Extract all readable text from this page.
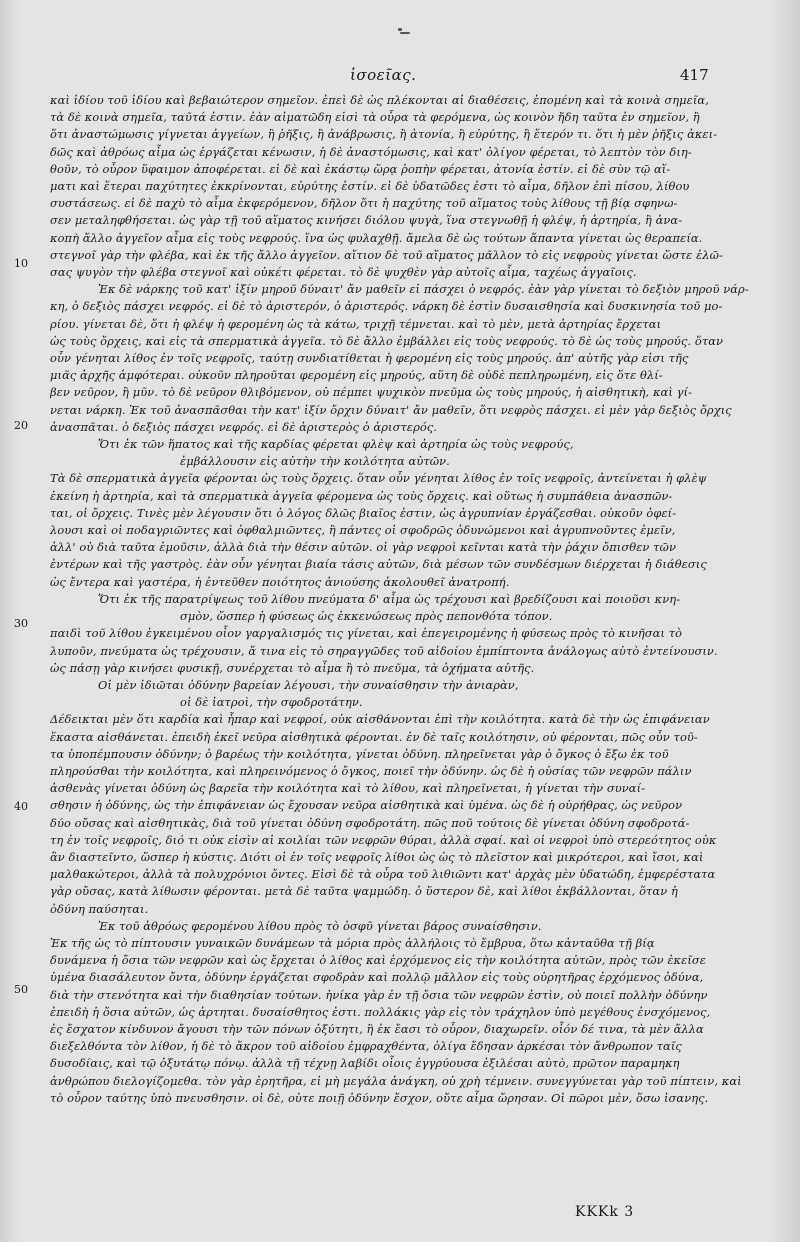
ἰσοεῖας.	417
10
20
30
40
50
καὶ ἰδίου τοῦ ἰδίου καὶ βεβαιώτερον σημεῖον. ἐπεὶ δὲ ὡς πλέκονται αἱ διαθέσεις, ἑπομένη καὶ τὰ κοινὰ σημεῖα,
τὰ δὲ κοινὰ σημεῖα, ταῦτά ἐστιν. ἐὰν αἱματῶδη εἰσὶ τὰ οὖρα τὰ φερόμενα, ὡς κοινὸν ἤδη ταῦτα ἐν σημεῖον, ἢ
ὅτι ἀναστώμωσις γίγνεται ἀγγείων, ἢ ῥῆξις, ἢ ἀνάβρωσις, ἢ ἀτονία, ἢ εὐρύτης, ἢ ἕτερόν τι. ὅτι ἡ μὲν ῥῆξις ἀκει-
δῶς καὶ ἀθρόως αἷμα ὡς ἐργάζεται κένωσιν, ἡ δὲ ἀναστόμωσις, καὶ κατ' ὀλίγον φέρεται, τὸ λεπτὸν τὸν διη-
θοῦν, τὸ οὖρον ὕφαιμον ἀποφέρεται. εἰ δὲ καὶ ἐκάστῳ ὥρᾳ ῥοπὴν φέρεται, ἀτονία ἐστίν. εἰ δὲ σὺν τῷ αἵ-
ματι καὶ ἕτεραι παχύτητες ἐκκρίνονται, εὐρύτης ἐστίν. εἰ δὲ ὑδατῶδες ἐστι τὸ αἷμα, δῆλον ἐπὶ πίσου, λίθου
συστάσεως. εἰ δὲ παχὺ τὸ αἷμα ἐκφερόμενον, δῆλον ὅτι ἡ παχύτης τοῦ αἵματος τοὺς λίθους τῇ βίᾳ σφηνω-
σεν μεταληφθήσεται. ὡς γὰρ τῇ τοῦ αἵματος κινήσει διόλου ψυγὰ, ἵνα στεγνωθῇ ἡ φλέψ, ἡ ἀρτηρία, ἢ ἀνα-
κοπὴ ἄλλο ἀγγεῖον αἷμα εἰς τοὺς νεφρούς. ἵνα ὡς φυλαχθῇ. ἄμελα δὲ ὡς τούτων ἅπαντα γίνεται ὡς θεραπεία.
στεγνοῖ γὰρ τὴν φλέβα, καὶ ἐκ τῆς ἄλλο ἀγγεῖον. αἴτιον δὲ τοῦ αἵματος μᾶλλον τὸ εἰς νεφροὺς γίνεται ὥστε ἐλῶ-
σας ψυγὸν τὴν φλέβα στεγνοῖ καὶ οὐκέτι φέρεται. τὸ δὲ ψυχθὲν γὰρ αὐτοῖς αἷμα, ταχέως ἀγγαῖοις.
Ἐκ δὲ νάρκης τοῦ κατ' ἰξίν μηροῦ δύναιτ' ἄν μαθεῖν εἰ πάσχει ὁ νεφρός. ἐὰν γὰρ γίνεται τὸ δεξιὸν μηροῦ νάρ-
κη, ὁ δεξιὸς πάσχει νεφρός. εἰ δὲ τὸ ἀριστερόν, ὁ ἀριστερός. νάρκη δὲ ἐστὶν δυσαισθησία καὶ δυσκινησία τοῦ μο-
ρίου. γίνεται δὲ, ὅτι ἡ φλέψ ἡ φερομένη ὡς τὰ κάτω, τριχῇ τέμνεται. καὶ τὸ μὲν, μετὰ ἀρτηρίας ἔρχεται
ὡς τοὺς ὄρχεις, καὶ εἰς τὰ σπερματικὰ ἀγγεῖα. τὸ δὲ ἄλλο ἐμβάλλει εἰς τοὺς νεφρούς. τὸ δὲ ὡς τοὺς μηρούς. ὅταν
οὖν γένηται λίθος ἐν τοῖς νεφροῖς, ταύτῃ συνδιατίθεται ἡ φερομένη εἰς τοὺς μηρούς. ἀπ' αὐτῆς γὰρ εἰσι τῆς
μιᾶς ἀρχῆς ἀμφότεραι. οὐκοῦν πληροῦται φερομένη εἰς μηρούς, αὕτη δὲ οὐδὲ πεπληρωμένη, εἰς ὅτε θλί-
βεν νεῦρον, ἢ μῦν. τὸ δὲ νεῦρον θλιβόμενον, οὐ πέμπει ψυχικὸν πνεῦμα ὡς τοὺς μηρούς, ἡ αἰσθητικὴ, καὶ γί-
νεται νάρκη. Ἐκ τοῦ ἀνασπᾶσθαι τὴν κατ' ἰξίν ὄρχιν δύναιτ' ἄν μαθεῖν, ὅτι νεφρὸς πάσχει. εἰ μὲν γὰρ δεξιὸς ὄρχις
ἀνασπᾶται. ὁ δεξιὸς πάσχει νεφρός. εἰ δὲ ἀριστερὸς ὁ ἀριστερός.
Ὅτι ἐκ τῶν ἥπατος καὶ τῆς καρδίας φέρεται φλὲψ καὶ ἀρτηρία ὡς τοὺς νεφρούς,
ἐμβάλλουσιν εἰς αὐτὴν τὴν κοιλότητα αὐτῶν.
Τὰ δὲ σπερματικὰ ἀγγεῖα φέρονται ὡς τοὺς ὄρχεις. ὅταν οὖν γένηται λίθος ἐν τοῖς νεφροῖς, ἀντείνεται ἡ φλὲψ
ἐκείνη ἡ ἀρτηρία, καὶ τὰ σπερματικὰ ἀγγεῖα φέρομενα ὡς τοὺς ὄρχεις. καὶ οὕτως ἡ συμπάθεια ἀνασπῶν-
ται, οἱ ὄρχεις. Τινὲς μὲν λέγουσιν ὅτι ὁ λόγος δλῶς βιαῖος ἐστιν, ὡς ἀγρυπνίαν ἐργάζεσθαι. οὐκοῦν ὀφεί-
λουσι καὶ οἱ ποδαγριῶντες καὶ ὀφθαλμιῶντες, ἢ πάντες οἱ σφοδρῶς ὀδυνώμενοι καὶ ἀγρυπνοῦντες ἐμεῖν,
ἀλλ' οὐ διὰ ταῦτα ἐμοῦσιν, ἀλλὰ διὰ τὴν θέσιν αὐτῶν. οἱ γὰρ νεφροὶ κεῖνται κατὰ τὴν ῥάχιν ὄπισθεν τῶν
ἐντέρων καὶ τῆς γαστρὸς. ἐὰν οὖν γένηται βιαία τάσις αὐτῶν, διὰ μέσων τῶν συνδέσμων διέρχεται ἡ διάθεσις
ὡς ἔντερα καὶ γαστέρα, ἡ ἐντεῦθεν ποιότητος ἀνιούσης ἀκολουθεῖ ἀνατροπή.
Ὅτι ἐκ τῆς παρατρίψεως τοῦ λίθου πνεύματα δ' αἷμα ὡς τρέχουσι καὶ βρεδίζουσι καὶ ποιοῦσι κνη-
σμὸν, ὥσπερ ἡ φύσεως ὡς ἐκκενώσεως πρὸς πεπονθότα τόπον.
παιδὶ τοῦ λίθου ἐγκειμένου οἷον γαργαλισμός τις γίνεται, καὶ ἐπεγειρομένης ἡ φύσεως πρὸς τὸ κινῆσαι τὸ
λυποῦν, πνεύματα ὡς τρέχουσιν, ἅ τινα εἰς τὸ σηραγγῶδες τοῦ αἰδοίου ἐμπίπτοντα ἀνάλογως αὐτὸ ἐντείνουσιν.
ὡς πάσῃ γὰρ κινήσει φυσικῇ, συνέρχεται τὸ αἷμα ἢ τὸ πνεῦμα, τὰ ὀχήματα αὐτῆς.
Οἱ μὲν ἰδιῶται ὀδύνην βαρείαν λέγουσι, τὴν συναίσθησιν τὴν ἀνιαρὰν,
οἱ δὲ ἰατροὶ, τὴν σφοδροτάτην.
Δέδεικται μὲν ὅτι καρδία καὶ ἧπαρ καὶ νεφροί, οὐκ αἰσθάνονται ἐπὶ τὴν κοιλότητα. κατὰ δὲ τὴν ὡς ἐπιφάνειαν
ἕκαστα αἰσθάνεται. ἐπειδὴ ἐκεῖ νεῦρα αἰσθητικὰ φέρονται. ἐν δὲ ταῖς κοιλότησιν, οὐ φέρονται, πῶς οὖν τοῦ-
τα ὑποπέμπουσιν ὀδύνην; ὁ βαρέως τὴν κοιλότητα, γίνεται ὀδύνη. πληρεῖνεται γὰρ ὁ ὄγκος ὁ ἔξω ἐκ τοῦ
πληρούσθαι τὴν κοιλότητα, καὶ πληρεινόμενος ὁ ὄγκος, ποιεῖ τὴν ὀδύνην. ὡς δὲ ἡ οὐσίας τῶν νεφρῶν πάλιν
ἀσθενὰς γίνεται ὀδύνη ὡς βαρεῖα τὴν κοιλότητα καὶ τὸ λίθου, καὶ πληρεῖνεται, ἡ γίνεται τὴν συναί-
σθησιν ἡ ὀδύνης, ὡς τὴν ἐπιφάνειαν ὡς ἔχουσαν νεῦρα αἰσθητικὰ καὶ ὑμένα. ὡς δὲ ἡ οὐρήθρας, ὡς νεῦρον
δύο οὔσας καὶ αἰσθητικὰς, διὰ τοῦ γίνεται ὀδύνη σφοδροτάτη. πῶς ποῦ τούτοις δὲ γίνεται ὀδύνη σφοδροτά-
τη ἐν τοῖς νεφροῖς, διό τι οὐκ εἰσὶν αἱ κοιλίαι τῶν νεφρῶν θύραι, ἀλλὰ σφαί. καὶ οἱ νεφροὶ ὑπὸ στερεότητος οὐκ
ἂν διαστεῖντο, ὥσπερ ἡ κύστις. Διότι οἱ ἐν τοῖς νεφροῖς λίθοι ὡς ὡς τὸ πλεῖστον καὶ μικρότεροι, καὶ ἴσοι, καὶ
μαλθακώτεροι, ἀλλὰ τὰ πολυχρόνιοι ὄντες. Εἰσὶ δὲ τὰ οὖρα τοῦ λιθιῶντι κατ' ἀρχὰς μὲν ὑδατώδη, ἐμφερέστατα
γὰρ οὔσας, κατὰ λίθωσιν φέρονται. μετὰ δὲ ταῦτα ψαμμώδη. ὁ ὕστερον δὲ, καὶ λίθοι ἐκβάλλονται, ὅταν ἡ
ὀδύνη παύσηται.
Ἐκ τοῦ ἀθρόως φερομένου λίθου πρὸς τὸ ὀσφῦ γίνεται βάρος συναίσθησιν.
Ἐκ τῆς ὡς τὸ πίπτουσιν γυναικῶν δυνάμεων τὰ μόρια πρὸς ἀλλήλοις τὸ ἔμβρυα, ὅτω κἀνταῦθα τῇ βίᾳ
δυνάμενα ἡ ὄσια τῶν νεφρῶν καὶ ὡς ἔρχεται ὁ λίθος καὶ ἐρχόμενος εἰς τὴν κοιλότητα αὐτῶν, πρὸς τῶν ἐκεῖσε
ὑμένα διασάλευτον ὄντα, ὀδύνην ἐργάζεται σφοδρὰν καὶ πολλῷ μᾶλλον εἰς τοὺς οὐρητῆρας ἐρχόμενος ὀδύνα,
διὰ τὴν στενότητα καὶ τὴν διαθησίαν τούτων. ἡνίκα γὰρ ἐν τῇ ὄσια τῶν νεφρῶν ἐστὶν, οὐ ποιεῖ πολλὴν ὀδύνην
ἐπειδὴ ἡ ὄσια αὐτῶν, ὡς ἀρτηται. δυσαίσθητος ἐστι. πολλάκις γὰρ εἰς τὸν τράχηλον ὑπὸ μεγέθους ἐνσχόμενος,
ἐς ἔσχατον κίνδυνον ἄγουσι τὴν τῶν πόνων ὀξύτητι, ἢ ἐκ ἔασι τὸ οὖρον, διαχωρεῖν. οἷόν δέ τινα, τὰ μὲν ἄλλα
διεξελθόντα τὸν λίθον, ἡ δὲ τὸ ἄκρον τοῦ αἰδοίου ἐμφραχθέντα, ὀλίγα ἔδησαν ἀρκέσαι τὸν ἄνθρωπον ταῖς
δυσοδίαις, καὶ τῷ ὀξυτάτῳ πόνῳ. ἀλλὰ τῇ τέχνῃ λαβίδι οἷοις ἐγγρύουσα ἐξιλέσαι αὐτὸ, πρῶτον παραμηκη
ἀνθρώπου διελογίζομεθα. τὸν γὰρ ἐρητῆρα, εἰ μὴ μεγάλα ἀνάγκη, οὐ χρὴ τέμνειν. συνεγγύνεται γὰρ τοῦ πίπτειν, καὶ
τὸ οὖρον ταύτης ὑπὸ πνευσθησιν. οἱ δὲ, οὐτε ποιῇ ὀδύνην ἔσχον, οὔτε αἷμα ὤρησαν. Οἱ πῶροι μὲν, ὅσω ἰσανης.
KKKk 3
